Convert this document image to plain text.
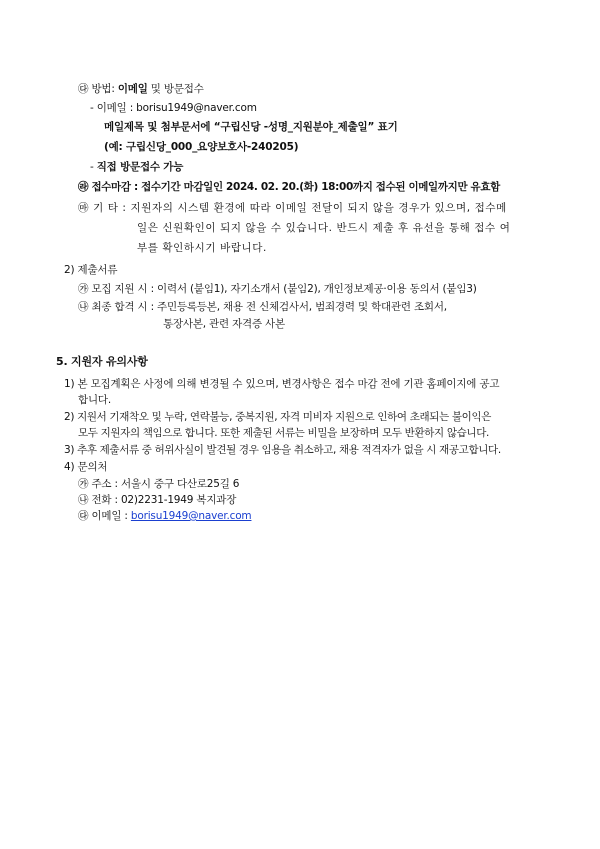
㉰ 방법: 이메일 및 방문접수
- 이메일 : borisu1949@naver.com
메일제목 및 첨부문서에 “구립신당 -성명_지원분야_제출일” 표기
(예: 구립신당_000_요양보호사-240205)
- 직접 방문접수 가능
㉱ 접수마감 : 접수기간 마감일인 2024. 02. 20.(화) 18:00까지 접수된 이메일까지만 유효함
㉲ 기 타 : 지원자의 시스템 환경에 따라 이메일 전달이 되지 않을 경우가 있으며, 접수메
일은 신원확인이 되지 않을 수 있습니다. 반드시 제출 후 유선을 통해 접수 여
부를 확인하시기 바랍니다.
2) 제출서류
㉮ 모집 지원 시 : 이력서 (붙임1), 자기소개서 (붙임2), 개인정보제공·이용 동의서 (붙임3)
㉯ 최종 합격 시 : 주민등록등본, 채용 전 신체검사서, 범죄경력 및 학대관련 조회서,
통장사본, 관련 자격증 사본
5. 지원자 유의사항
1) 본 모집계획은 사정에 의해 변경될 수 있으며, 변경사항은 접수 마감 전에 기관 홈페이지에 공고
합니다.
2) 지원서 기재착오 및 누락, 연락불능, 중복지원, 자격 미비자 지원으로 인하여 초래되는 불이익은
모두 지원자의 책임으로 합니다. 또한 제출된 서류는 비밀을 보장하며 모두 반환하지 않습니다.
3) 추후 제출서류 중 허위사실이 발견될 경우 임용을 취소하고, 채용 적격자가 없을 시 재공고합니다.
4) 문의처
㉮ 주소 : 서울시 중구 다산로25길 6
㉯ 전화 : 02)2231-1949 복지과장
㉰ 이메일 : borisu1949@naver.com
